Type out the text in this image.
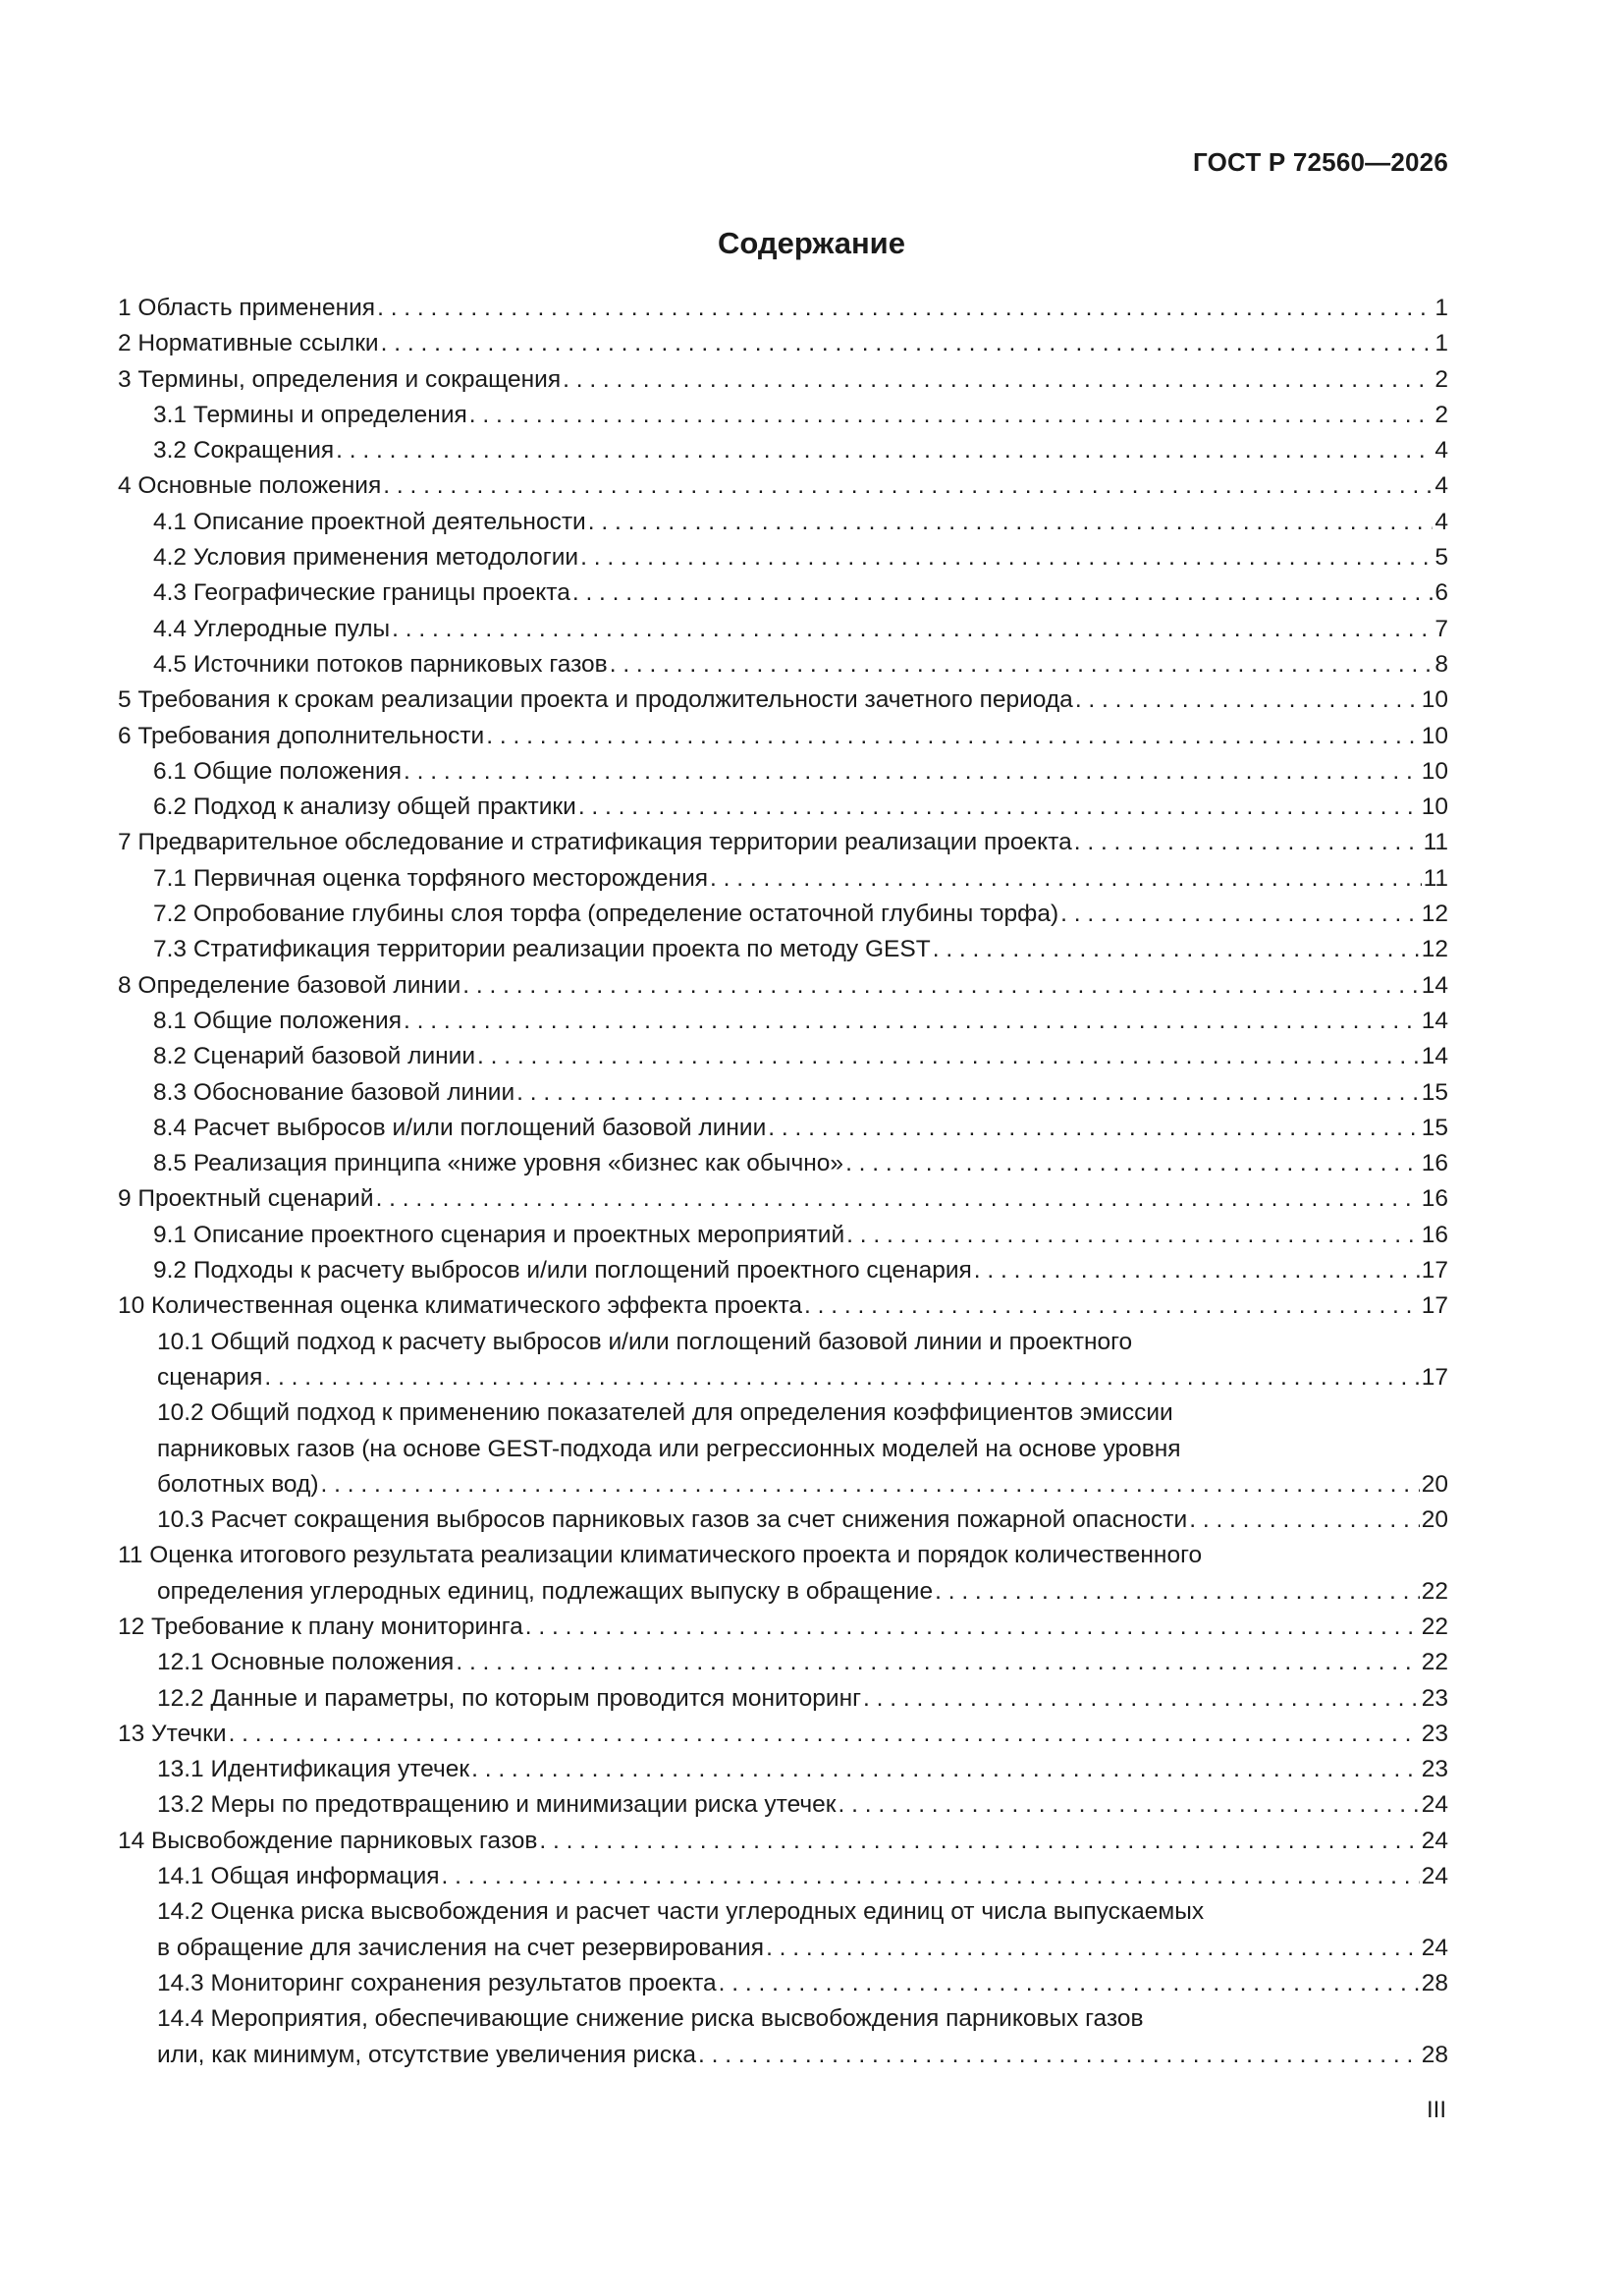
ГОСТ Р 72560—2026
Содержание
1 Область применения . . .	1
2 Нормативные ссылки . . .	1
3 Термины, определения и сокращения . . .	2
3.1 Термины и определения . . .	2
3.2 Сокращения . . .	4
4 Основные положения . . .	4
4.1 Описание проектной деятельности . . .	4
4.2 Условия применения методологии . . .	5
4.3 Географические границы проекта . . .	6
4.4 Углеродные пулы . . .	7
4.5 Источники потоков парниковых газов . . .	8
5 Требования к срокам реализации проекта и продолжительности зачетного периода . . .	10
6 Требования дополнительности . . .	10
6.1 Общие положения . . .	10
6.2 Подход к анализу общей практики . . .	10
7 Предварительное обследование и стратификация территории реализации проекта . . .	11
7.1 Первичная оценка торфяного месторождения . . .	11
7.2 Опробование глубины слоя торфа (определение остаточной глубины торфа) . . .	12
7.3 Стратификация территории реализации проекта по методу GEST . . .	12
8 Определение базовой линии . . .	14
8.1 Общие положения . . .	14
8.2 Сценарий базовой линии . . .	14
8.3 Обоснование базовой линии . . .	15
8.4 Расчет выбросов и/или поглощений базовой линии . . .	15
8.5 Реализация принципа «ниже уровня «бизнес как обычно» . . .	16
9 Проектный сценарий . . .	16
9.1 Описание проектного сценария и проектных мероприятий . . .	16
9.2 Подходы к расчету выбросов и/или поглощений проектного сценария . . .	17
10 Количественная оценка климатического эффекта проекта . . .	17
10.1 Общий подход к расчету выбросов и/или поглощений базовой линии и проектного
сценария . . .	17
10.2 Общий подход к применению показателей для определения коэффициентов эмиссии
парниковых газов (на основе GEST-подхода или регрессионных моделей на основе уровня
болотных вод) . . .	20
10.3 Расчет сокращения выбросов парниковых газов за счет снижения пожарной опасности . . .	20
11 Оценка итогового результата реализации климатического проекта и порядок количественного
определения углеродных единиц, подлежащих выпуску в обращение . . .	22
12 Требование к плану мониторинга . . .	22
12.1 Основные положения . . .	22
12.2 Данные и параметры, по которым проводится мониторинг . . .	23
13 Утечки . . .	23
13.1 Идентификация утечек . . .	23
13.2 Меры по предотвращению и минимизации риска утечек . . .	24
14 Высвобождение парниковых газов . . .	24
14.1 Общая информация . . .	24
14.2 Оценка риска высвобождения и расчет части углеродных единиц от числа выпускаемых
в обращение для зачисления на счет резервирования . . .	24
14.3 Мониторинг сохранения результатов проекта . . .	28
14.4 Мероприятия, обеспечивающие снижение риска высвобождения парниковых газов
или, как минимум, отсутствие увеличения риска . . .	28
III
